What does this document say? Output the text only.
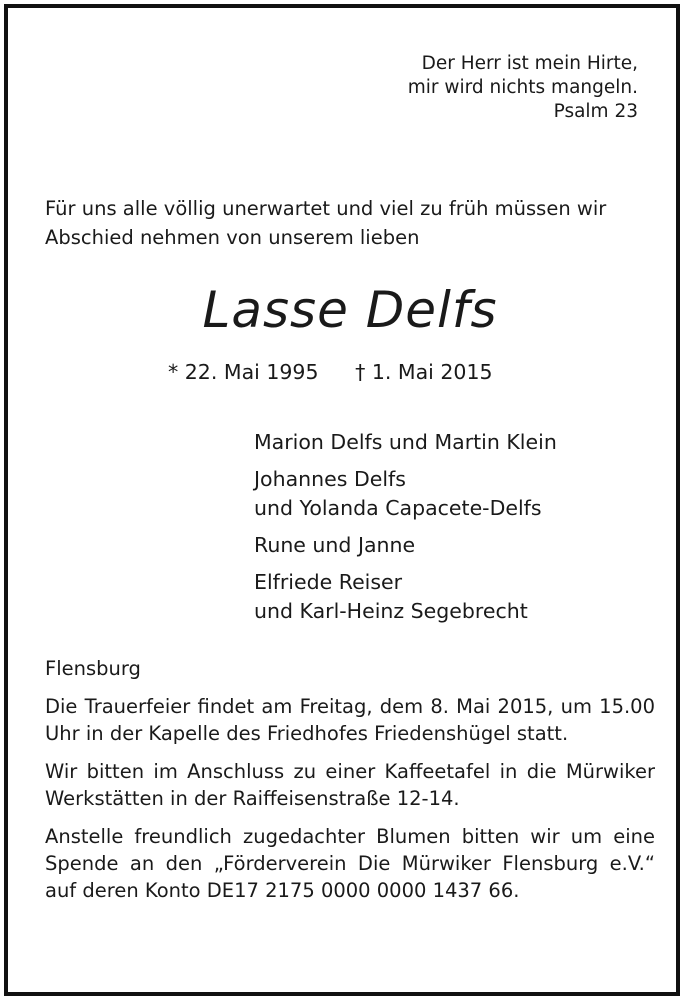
Der Herr ist mein Hirte,
mir wird nichts mangeln.
Psalm 23
Für uns alle völlig unerwartet und viel zu früh müssen wir
Abschied nehmen von unserem lieben
Lasse Delfs
* 22. Mai 1995 † 1. Mai 2015
Marion Delfs und Martin Klein
Johannes Delfs
und Yolanda Capacete-Delfs
Rune und Janne
Elfriede Reiser
und Karl-Heinz Segebrecht

Flensburg

Die Trauerfeier findet am Freitag, dem 8. Mai 2015, um 15.00 Uhr in der Kapelle des Friedhofes Friedenshügel statt.

Wir bitten im Anschluss zu einer Kaffeetafel in die Mürwiker Werkstätten in der Raiffeisenstraße 12-14.

Anstelle freundlich zugedachter Blumen bitten wir um eine Spende an den „Förderverein Die Mürwiker Flensburg e.V.“ auf deren Konto DE17 2175 0000 0000 1437 66.
